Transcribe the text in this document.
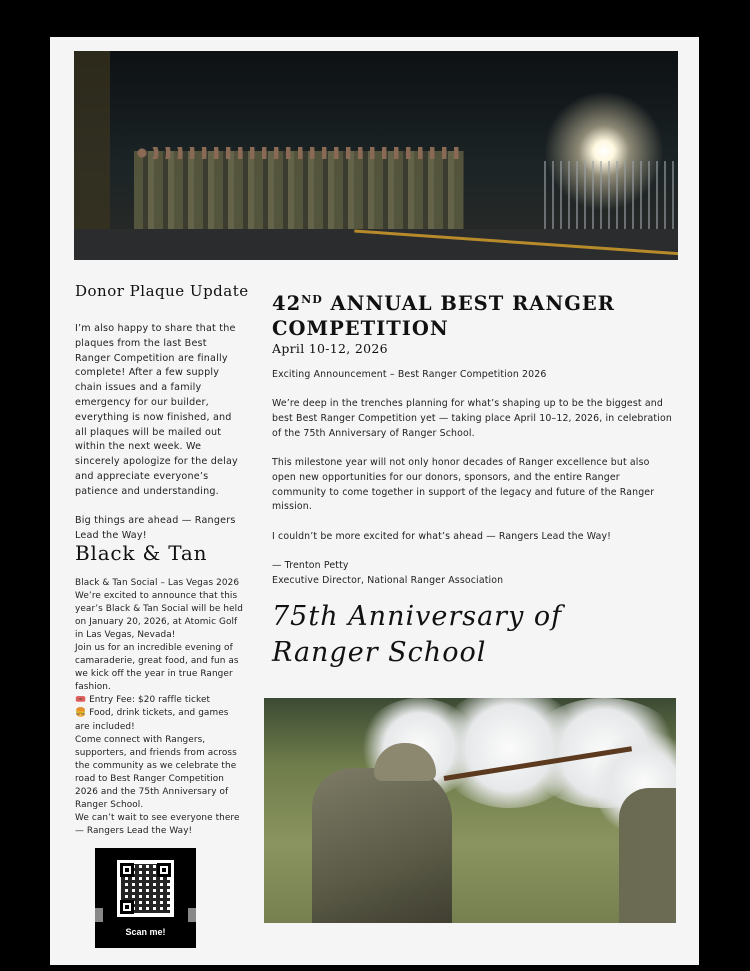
Donor Plaque Update

I’m also happy to share that the plaques from the last Best Ranger Competition are finally complete! After a few supply chain issues and a family emergency for our builder, everything is now finished, and all plaques will be mailed out within the next week. We sincerely apologize for the delay and appreciate everyone’s patience and understanding.

Big things are ahead — Rangers Lead the Way!

Black & Tan
Black & Tan Social – Las Vegas 2026
We’re excited to announce that this year’s Black & Tan Social will be held on January 20, 2026, at Atomic Golf in Las Vegas, Nevada!
Join us for an incredible evening of camaraderie, great food, and fun as we kick off the year in true Ranger fashion.
🎟️ Entry Fee: $20 raffle ticket
🍔 Food, drink tickets, and games are included!
Come connect with Rangers, supporters, and friends from across the community as we celebrate the road to Best Ranger Competition 2026 and the 75th Anniversary of Ranger School.
We can’t wait to see everyone there — Rangers Lead the Way!
Scan me!
42ND ANNUAL BEST RANGER COMPETITION
April 10-12, 2026

Exciting Announcement – Best Ranger Competition 2026

We’re deep in the trenches planning for what’s shaping up to be the biggest and best Best Ranger Competition yet — taking place April 10–12, 2026, in celebration of the 75th Anniversary of Ranger School.

This milestone year will not only honor decades of Ranger excellence but also open new opportunities for our donors, sponsors, and the entire Ranger community to come together in support of the legacy and future of the Ranger mission.

I couldn’t be more excited for what’s ahead — Rangers Lead the Way!

— Trenton Petty
Executive Director, National Ranger Association
75th Anniversary of Ranger School
